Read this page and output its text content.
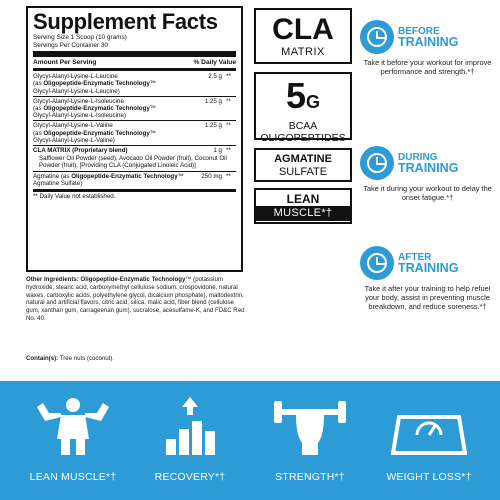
Supplement Facts
Serving Size 1 Scoop (10 grams)
Servings Per Container 30
Amount Per Serving	% Daily Value
Glycyl-Alanyl-Lysine-L-Leucine
(as Oligopeptide-Enzymatic Technology™
Glycyl-Alanyl-Lysine-L-Leucine)
2.5 g **
Glycyl-Alanyl-Lysine-L-Isoleucine
(as Oligopeptide-Enzymatic Technology™
Glycyl-Alanyl-Lysine-L-Isoleucine)
1.25 g **
Glycyl-Alanyl-Lysine-L-Valine
(as Oligopeptide-Enzymatic Technology™
Glycyl-Alanyl-Lysine-L-Valine)
1.25 g **
CLA MATRIX (Proprietary blend)	1 g **
Safflower Oil Powder (seed), Avocado Oil Powder (fruit), Coconut Oil Powder (fruit), [Providing CLA (Conjugated Linoleic Acid)]
Agmatine (as Oligopeptide-Enzymatic Technology™ Agmatine Sulfate)
250 mg **
** Daily Value not established.
Other Ingredients: Oligopeptide-Enzymatic Technology™ (potassium hydroxide, stearic acid, carboxymethyl cellulose sodium, crospovidone, natural waxes, carboxylic acids, polyethylene glycol, dicalcium phosphate), maltodextrin, natural and artificial flavors, citric acid, silica, malic acid, fiber blend (cellulose gum, xanthan gum, carrageenan gum), sucralose, acesulfame-K, and FD&C Red No. 40.
Contain(s): Tree nuts (coconut).
CLA
MATRIX
5G
BCAA
OLIGOPEPTIDES
AGMATINE
SULFATE
LEAN
MUSCLE*†
BEFORE
TRAINING
Take it before your workout for improve performance and strength.*†
DURING
TRAINING
Take it during your workout to delay the onset fatigue.*†
AFTER
TRAINING
Take it after your training to help refuel your body, assist in preventing muscle breakdown, and reduce soreness.*†
LEAN MUSCLE*†	RECOVERY*†	STRENGTH*†	WEIGHT LOSS*†
